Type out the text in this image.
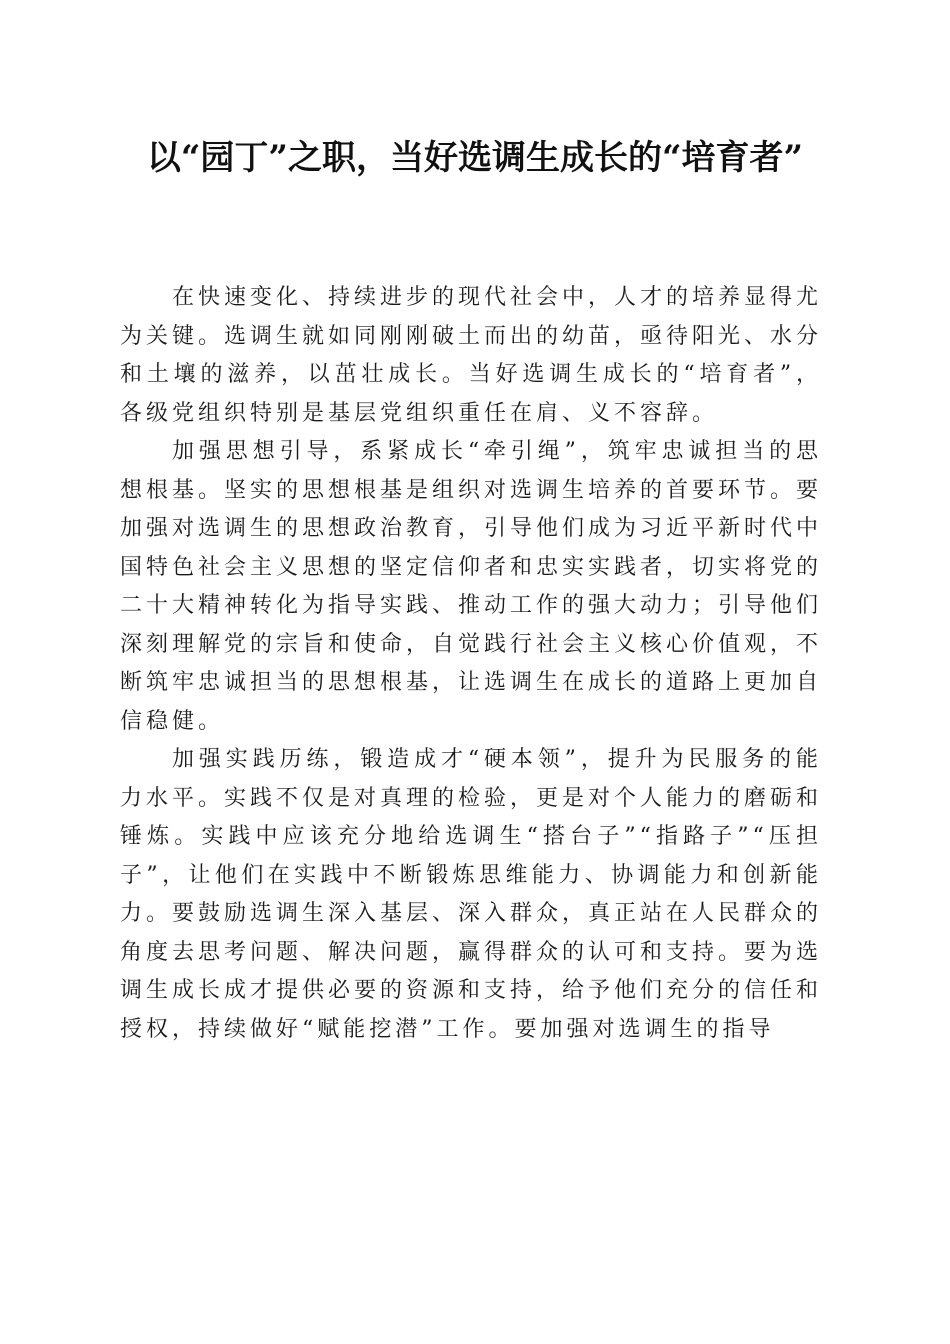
以“园丁”之职，当好选调生成长的“培育者”

在快速变化、持续进步的现代社会中，人才的培养显得尤为关键。选调生就如同刚刚破土而出的幼苗，亟待阳光、水分和土壤的滋养，以茁壮成长。当好选调生成长的“培育者”，各级党组织特别是基层党组织重任在肩、义不容辞。

加强思想引导，系紧成长“牵引绳”，筑牢忠诚担当的思想根基。坚实的思想根基是组织对选调生培养的首要环节。要加强对选调生的思想政治教育，引导他们成为习近平新时代中国特色社会主义思想的坚定信仰者和忠实实践者，切实将党的二十大精神转化为指导实践、推动工作的强大动力；引导他们深刻理解党的宗旨和使命，自觉践行社会主义核心价值观，不断筑牢忠诚担当的思想根基，让选调生在成长的道路上更加自信稳健。

加强实践历练，锻造成才“硬本领”，提升为民服务的能力水平。实践不仅是对真理的检验，更是对个人能力的磨砺和锤炼。实践中应该充分地给选调生“搭台子”“指路子”“压担子”，让他们在实践中不断锻炼思维能力、协调能力和创新能力。要鼓励选调生深入基层、深入群众，真正站在人民群众的角度去思考问题、解决问题，赢得群众的认可和支持。要为选调生成长成才提供必要的资源和支持，给予他们充分的信任和授权，持续做好“赋能挖潜”工作。要加强对选调生的指导
